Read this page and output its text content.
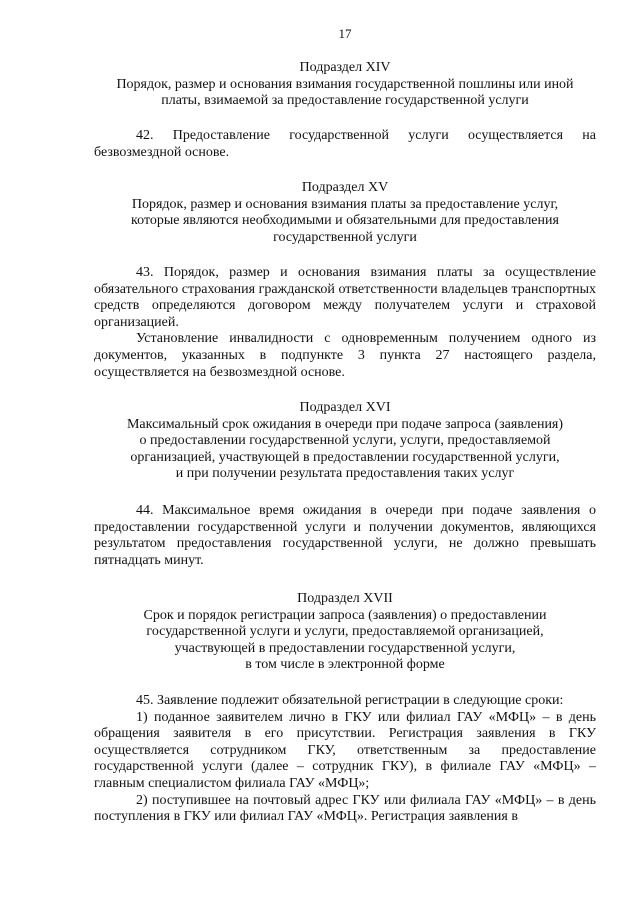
17

Подраздел XIV

Порядок, размер и основания взимания государственной пошлины или иной

платы, взимаемой за предоставление государственной услуги

42. Предоставление государственной услуги осуществляется на безвозмездной основе.

Подраздел XV

Порядок, размер и основания взимания платы за предоставление услуг,

которые являются необходимыми и обязательными для предоставления

государственной услуги

43. Порядок, размер и основания взимания платы за осуществление обязательного страхования гражданской ответственности владельцев транспортных средств определяются договором между получателем услуги и страховой организацией.

Установление инвалидности с одновременным получением одного из документов, указанных в подпункте 3 пункта 27 настоящего раздела, осуществляется на безвозмездной основе.

Подраздел XVI

Максимальный срок ожидания в очереди при подаче запроса (заявления)

о предоставлении государственной услуги, услуги, предоставляемой

организацией, участвующей в предоставлении государственной услуги,

и при получении результата предоставления таких услуг

44. Максимальное время ожидания в очереди при подаче заявления о предоставлении государственной услуги и получении документов, являющихся результатом предоставления государственной услуги, не должно превышать пятнадцать минут.

Подраздел XVII

Срок и порядок регистрации запроса (заявления) о предоставлении

государственной услуги и услуги, предоставляемой организацией,

участвующей в предоставлении государственной услуги,

в том числе в электронной форме

45. Заявление подлежит обязательной регистрации в следующие сроки:

1) поданное заявителем лично в ГКУ или филиал ГАУ «МФЦ» – в день обращения заявителя в его присутствии. Регистрация заявления в ГКУ осуществляется сотрудником ГКУ, ответственным за предоставление государственной услуги (далее – сотрудник ГКУ), в филиале ГАУ «МФЦ» – главным специалистом филиала ГАУ «МФЦ»;

2) поступившее на почтовый адрес ГКУ или филиала ГАУ «МФЦ» – в день поступления в ГКУ или филиал ГАУ «МФЦ». Регистрация заявления в
